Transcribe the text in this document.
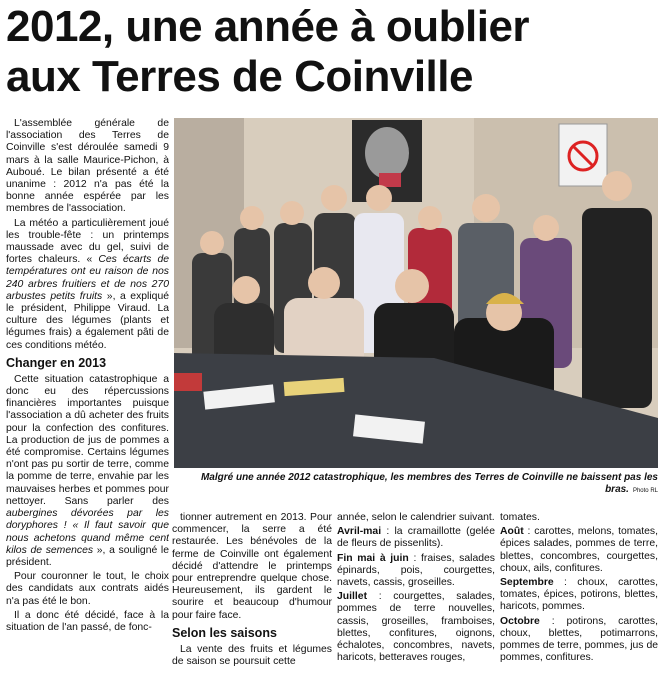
2012, une année à oublier
aux Terres de Coinville

L'assemblée générale de l'association des Terres de Coinville s'est déroulée samedi 9 mars à la salle Maurice-Pichon, à Auboué. Le bilan présenté a été unanime : 2012 n'a pas été la bonne année espérée par les membres de l'association.

La météo a particulièrement joué les trouble-fête : un printemps maussade avec du gel, suivi de fortes chaleurs. « Ces écarts de températures ont eu raison de nos 240 arbres fruitiers et de nos 270 arbustes petits fruits », a expliqué le président, Philippe Viraud. La culture des légumes (plants et légumes frais) a également pâti de ces conditions météo.

Changer en 2013

Cette situation catastrophique a donc eu des répercussions financières importantes puisque l'association a dû acheter des fruits pour la confection des confitures. La production de jus de pommes a été compromise. Certains légumes n'ont pas pu sortir de terre, comme la pomme de terre, envahie par les mauvaises herbes et pommes pour nettoyer. Sans parler des aubergines dévorées par les doryphores ! « Il faut savoir que nous achetons quand même cent kilos de semences », a souligné le président.

Pour couronner le tout, le choix des candidats aux contrats aidés n'a pas été le bon.

Il a donc été décidé, face à la situation de l'an passé, de fonc-

Malgré une année 2012 catastrophique, les membres des Terres de Coinville ne baissent pas les bras. Photo RL

tionner autrement en 2013. Pour commencer, la serre a été restaurée. Les bénévoles de la ferme de Coinville ont également décidé d'attendre le printemps pour entreprendre quelque chose. Heureusement, ils gardent le sourire et beaucoup d'humour pour faire face.

Selon les saisons

La vente des fruits et légumes de saison se poursuit cette

année, selon le calendrier suivant.

Avril-mai : la cramaillotte (gelée de fleurs de pissenlits).

Fin mai à juin : fraises, salades épinards, pois, courgettes, navets, cassis, groseilles.

Juillet : courgettes, salades, pommes de terre nouvelles, cassis, groseilles, framboises, blettes, confitures, oignons, échalotes, concombres, navets, haricots, betteraves rouges,

tomates.

Août : carottes, melons, tomates, épices salades, pommes de terre, blettes, concombres, courgettes, choux, ails, confitures.

Septembre : choux, carottes, tomates, épices, potirons, blettes, haricots, pommes.

Octobre : potirons, carottes, choux, blettes, potimarrons, pommes de terre, pommes, jus de pommes, confitures.
